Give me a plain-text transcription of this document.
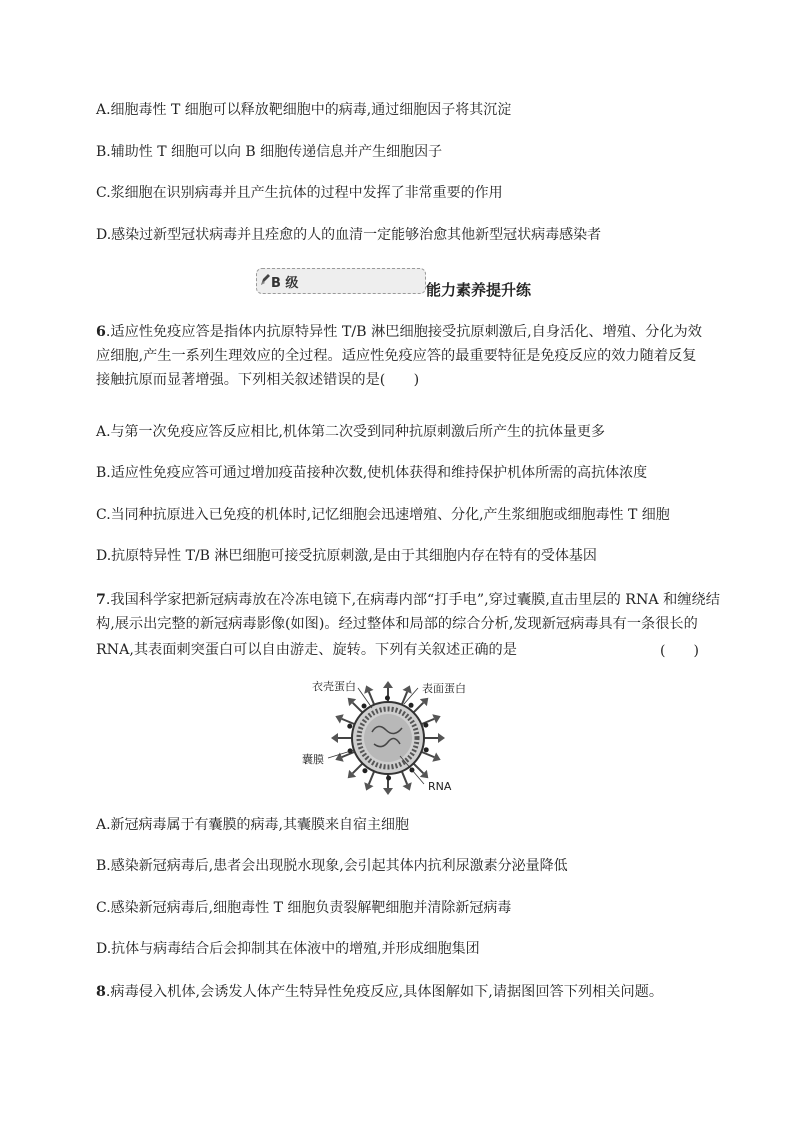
A.细胞毒性 T 细胞可以释放靶细胞中的病毒,通过细胞因子将其沉淀
B.辅助性 T 细胞可以向 B 细胞传递信息并产生细胞因子
C.浆细胞在识别病毒并且产生抗体的过程中发挥了非常重要的作用
D.感染过新型冠状病毒并且痊愈的人的血清一定能够治愈其他新型冠状病毒感染者
B 级	能力素养提升练
6.适应性免疫应答是指体内抗原特异性 T/B 淋巴细胞接受抗原刺激后,自身活化、增殖、分化为效
应细胞,产生一系列生理效应的全过程。适应性免疫应答的最重要特征是免疫反应的效力随着反复
接触抗原而显著增强。下列相关叙述错误的是(　　)
A.与第一次免疫应答反应相比,机体第二次受到同种抗原刺激后所产生的抗体量更多
B.适应性免疫应答可通过增加疫苗接种次数,使机体获得和维持保护机体所需的高抗体浓度
C.当同种抗原进入已免疫的机体时,记忆细胞会迅速增殖、分化,产生浆细胞或细胞毒性 T 细胞
D.抗原特异性 T/B 淋巴细胞可接受抗原刺激,是由于其细胞内存在特有的受体基因
7.我国科学家把新冠病毒放在冷冻电镜下,在病毒内部“打手电”,穿过囊膜,直击里层的 RNA 和缠绕结
构,展示出完整的新冠病毒影像(如图)。经过整体和局部的综合分析,发现新冠病毒具有一条很长的
RNA,其表面刺突蛋白可以自由游走、旋转。下列有关叙述正确的是	(　　)
衣壳蛋白	表面蛋白
囊膜
RNA
A.新冠病毒属于有囊膜的病毒,其囊膜来自宿主细胞
B.感染新冠病毒后,患者会出现脱水现象,会引起其体内抗利尿激素分泌量降低
C.感染新冠病毒后,细胞毒性 T 细胞负责裂解靶细胞并清除新冠病毒
D.抗体与病毒结合后会抑制其在体液中的增殖,并形成细胞集团
8.病毒侵入机体,会诱发人体产生特异性免疫反应,具体图解如下,请据图回答下列相关问题。
